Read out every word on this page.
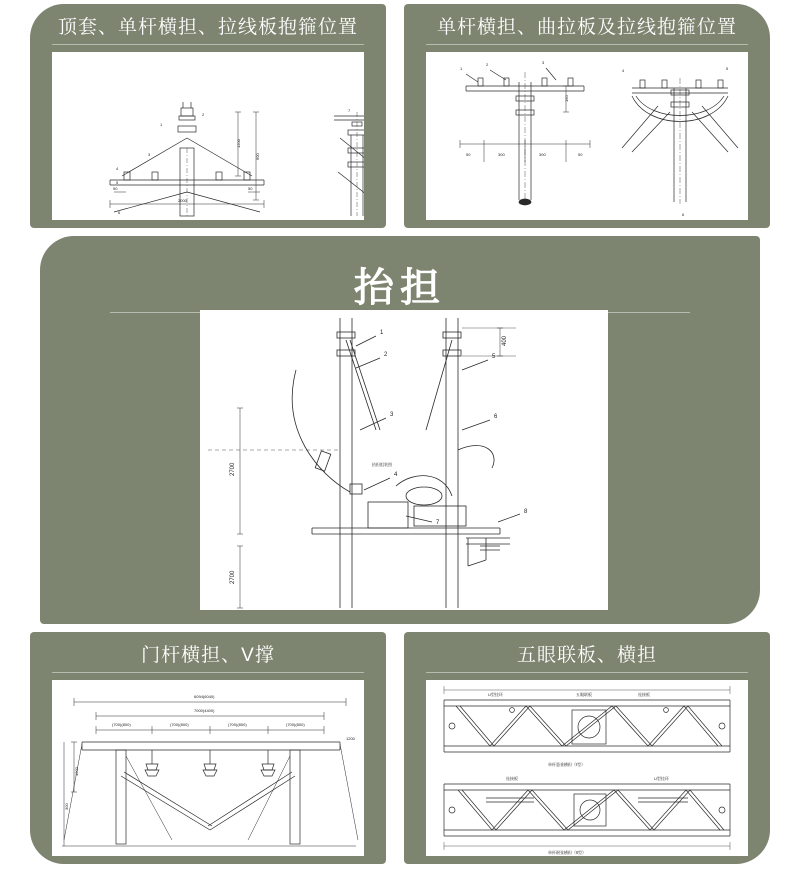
顶套、单杆横担、拉线板抱箍位置
1200
600
2000
50	50
1
2
3
4
5
6
7
单杆横担、曲拉板及拉线抱箍位置
150
50	300	300	50
1
2	3
4	5
6
抬担
2700
2700
400
1
2
3
4
5
6
7
8
抬担组装图
门杆横担、V撑
6094(6040)
7000(4400)
(700)(800)	(700)(800)	(700)(800)	(700)(800)
1200
300
1200
五眼联板、横担
单杆悬垂横担（Ⅰ型）
单杆耐张横担（Ⅱ型）
五眼联板	连接板
U型挂环
连接板	U型挂环
